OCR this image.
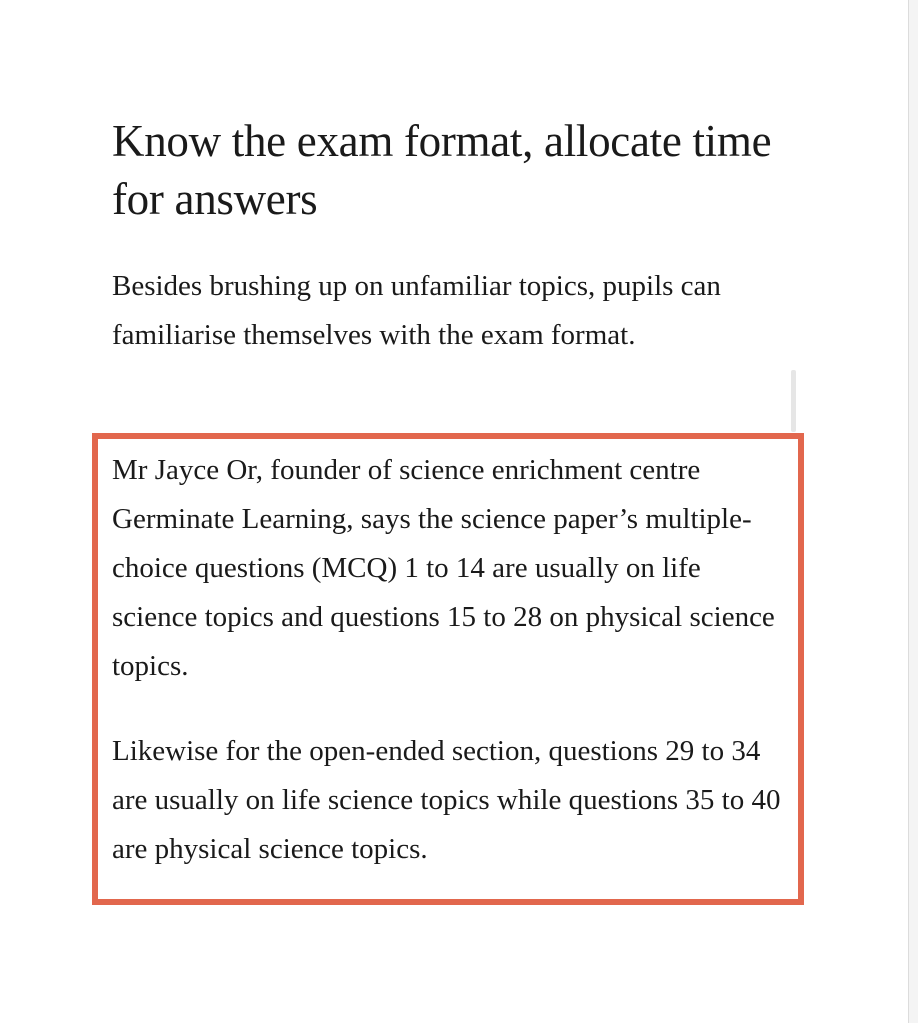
Know the exam format, allocate time for answers

Besides brushing up on unfamiliar topics, pupils can familiarise themselves with the exam format.

Mr Jayce Or, founder of science enrichment centre Germinate Learning, says the science paper’s multiple-choice questions (MCQ) 1 to 14 are usually on life science topics and questions 15 to 28 on physical science topics.

Likewise for the open-ended section, questions 29 to 34 are usually on life science topics while questions 35 to 40 are physical science topics.
